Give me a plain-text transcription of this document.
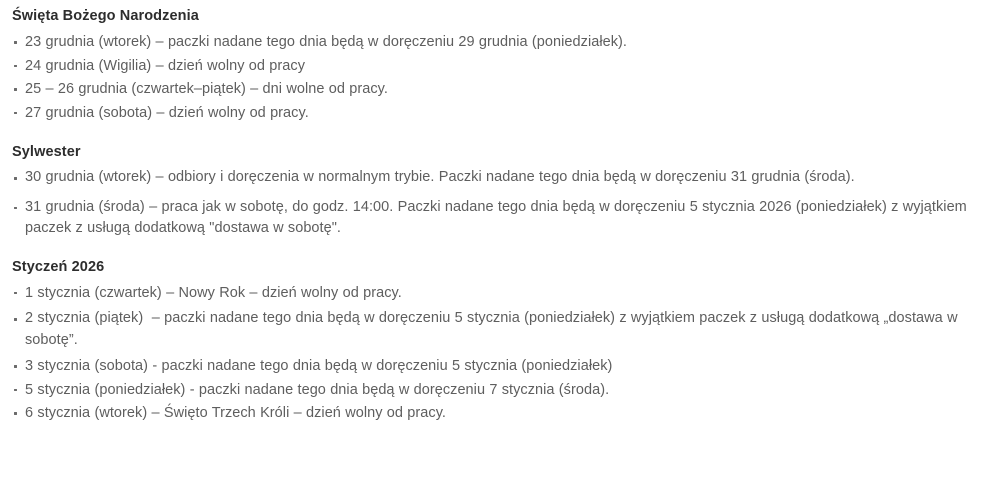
Święta Bożego Narodzenia
23 grudnia (wtorek) – paczki nadane tego dnia będą w doręczeniu 29 grudnia (poniedziałek).
24 grudnia (Wigilia) – dzień wolny od pracy
25 – 26 grudnia (czwartek–piątek) – dni wolne od pracy.
27 grudnia (sobota) – dzień wolny od pracy.
Sylwester
30 grudnia (wtorek) – odbiory i doręczenia w normalnym trybie. Paczki nadane tego dnia będą w doręczeniu 31 grudnia (środa).
31 grudnia (środa) – praca jak w sobotę, do godz. 14:00. Paczki nadane tego dnia będą w doręczeniu 5 stycznia 2026 (poniedziałek) z wyjątkiem paczek z usługą dodatkową "dostawa w sobotę".
Styczeń 2026
1 stycznia (czwartek) – Nowy Rok – dzień wolny od pracy.
2 stycznia (piątek)  – paczki nadane tego dnia będą w doręczeniu 5 stycznia (poniedziałek) z wyjątkiem paczek z usługą dodatkową „dostawa w sobotę”.
3 stycznia (sobota) - paczki nadane tego dnia będą w doręczeniu 5 stycznia (poniedziałek)
5 stycznia (poniedziałek) - paczki nadane tego dnia będą w doręczeniu 7 stycznia (środa).
6 stycznia (wtorek) – Święto Trzech Króli – dzień wolny od pracy.
